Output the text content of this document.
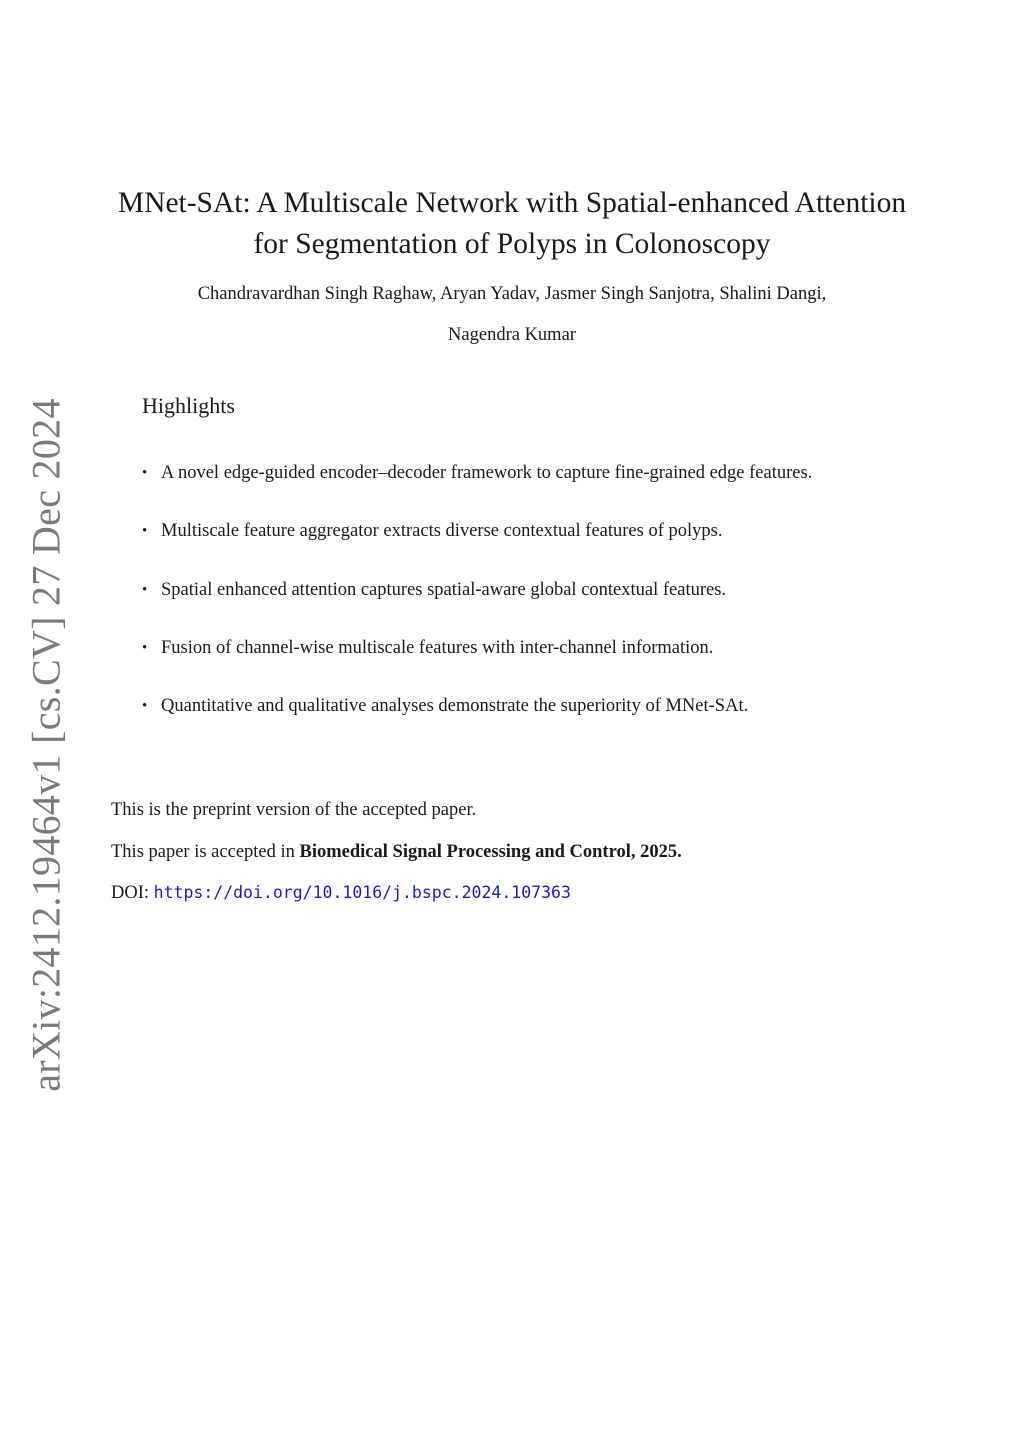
arXiv:2412.19464v1 [cs.CV] 27 Dec 2024
MNet-SAt: A Multiscale Network with Spatial-enhanced Attention
for Segmentation of Polyps in Colonoscopy
Chandravardhan Singh Raghaw, Aryan Yadav, Jasmer Singh Sanjotra, Shalini Dangi,
Nagendra Kumar
Highlights
• A novel edge-guided encoder–decoder framework to capture fine-grained edge features.
• Multiscale feature aggregator extracts diverse contextual features of polyps.
• Spatial enhanced attention captures spatial-aware global contextual features.
• Fusion of channel-wise multiscale features with inter-channel information.
• Quantitative and qualitative analyses demonstrate the superiority of MNet-SAt.

This is the preprint version of the accepted paper.

This paper is accepted in Biomedical Signal Processing and Control, 2025.

DOI: https://doi.org/10.1016/j.bspc.2024.107363
